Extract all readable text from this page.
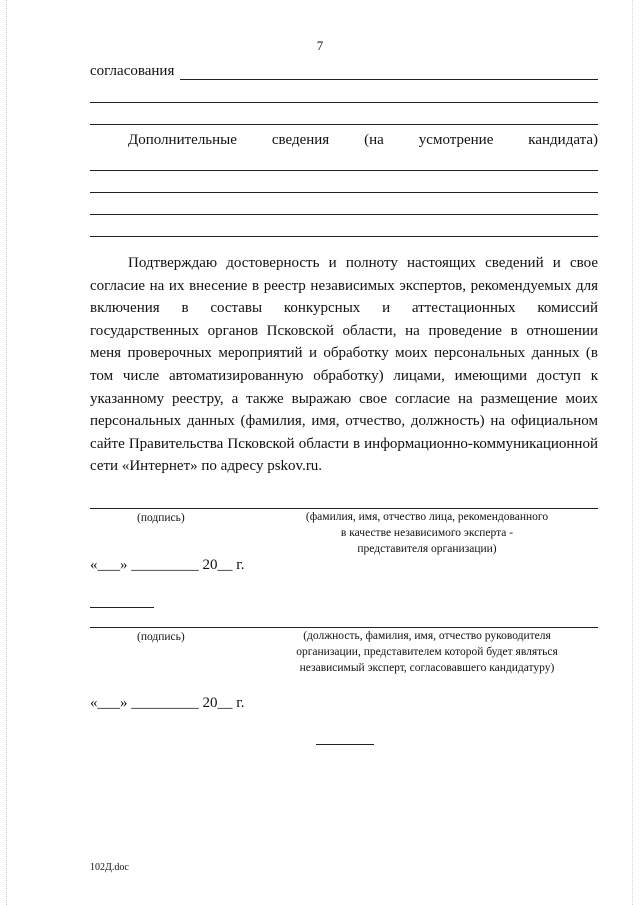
7
согласования
Дополнительные сведения (на усмотрение кандидата)
Подтверждаю достоверность и полноту настоящих сведений и свое согласие на их внесение в реестр независимых экспертов, рекомендуемых для включения в составы конкурсных и аттестационных комиссий государственных органов Псковской области, на проведение в отношении меня проверочных мероприятий и обработку моих персональных данных (в том числе автоматизированную обработку) лицами, имеющими доступ к указанному реестру, а также выражаю свое согласие на размещение моих персональных данных (фамилия, имя, отчество, должность) на официальном сайте Правительства Псковской области в информационно-коммуникационной сети «Интернет» по адресу pskov.ru.
(подпись)	(фамилия, имя, отчество лица, рекомендованного
в качестве независимого эксперта -
представителя организации)
«___» _________ 20__ г.
(подпись)	(должность, фамилия, имя, отчество руководителя
организации, представителем которой будет являться
независимый эксперт, согласовавшего кандидатуру)
«___» _________ 20__ г.
102Д.doc
